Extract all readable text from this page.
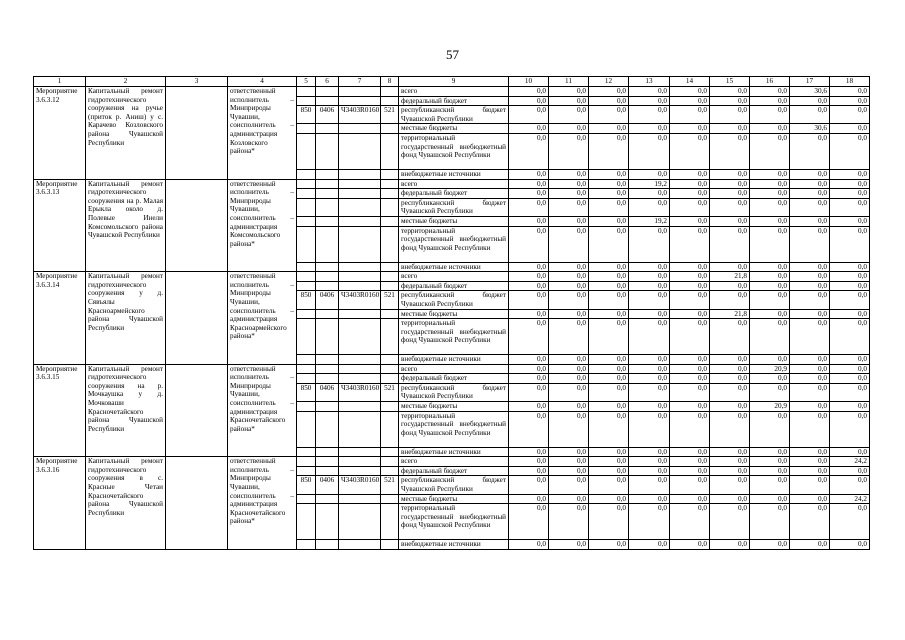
57
1	2	3	4	5	6	7	8	9	10	11	12	13	14	15	16	17	18
Мероприятие 3.6.3.12	Капитальный ремонт гидротехнического сооружения на ручье (приток р. Аниш) у с. Карачево Козловского района Чувашской Республики		ответственный исполнитель – Минприроды Чувашии, соисполнитель – администрация Козловского района*					всего	0,0	0,0	0,0	0,0	0,0	0,0	0,0	30,6	0,0
								федеральный бюджет	0,0	0,0	0,0	0,0	0,0	0,0	0,0	0,0	0,0
				850	0406	Ч3403R0160	521	республиканский бюджет Чувашской Республики	0,0	0,0	0,0	0,0	0,0	0,0	0,0	0,0	0,0
								местные бюджеты	0,0	0,0	0,0	0,0	0,0	0,0	0,0	30,6	0,0
								территориальный государственный внебюджетный фонд Чувашской Республики	0,0	0,0	0,0	0,0	0,0	0,0	0,0	0,0	0,0
								внебюджетные источники	0,0	0,0	0,0	0,0	0,0	0,0	0,0	0,0	0,0
Мероприятие 3.6.3.13	Капитальный ремонт гидротехнического сооружения на р. Малая Ерыкла около д. Полевые Инели Комсомольского района Чувашской Республики		ответственный исполнитель – Минприроды Чувашии, соисполнитель – администрация Комсомольского района*					всего	0,0	0,0	0,0	19,2	0,0	0,0	0,0	0,0	0,0
								федеральный бюджет	0,0	0,0	0,0	0,0	0,0	0,0	0,0	0,0	0,0
								республиканский бюджет Чувашской Республики	0,0	0,0	0,0	0,0	0,0	0,0	0,0	0,0	0,0
								местные бюджеты	0,0	0,0	0,0	19,2	0,0	0,0	0,0	0,0	0,0
								территориальный государственный внебюджетный фонд Чувашской Республики	0,0	0,0	0,0	0,0	0,0	0,0	0,0	0,0	0,0
								внебюджетные источники	0,0	0,0	0,0	0,0	0,0	0,0	0,0	0,0	0,0
Мероприятие 3.6.3.14	Капитальный ремонт гидротехнического сооружения у д. Сявъялы Красноармейского района Чувашской Республики		ответственный исполнитель – Минприроды Чувашии, соисполнитель – администрация Красноармейского района*					всего	0,0	0,0	0,0	0,0	0,0	21,8	0,0	0,0	0,0
								федеральный бюджет	0,0	0,0	0,0	0,0	0,0	0,0	0,0	0,0	0,0
				850	0406	Ч3403R0160	521	республиканский бюджет Чувашской Республики	0,0	0,0	0,0	0,0	0,0	0,0	0,0	0,0	0,0
								местные бюджеты	0,0	0,0	0,0	0,0	0,0	21,8	0,0	0,0	0,0
								территориальный государственный внебюджетный фонд Чувашской Республики	0,0	0,0	0,0	0,0	0,0	0,0	0,0	0,0	0,0
								внебюджетные источники	0,0	0,0	0,0	0,0	0,0	0,0	0,0	0,0	0,0
Мероприятие 3.6.3.15	Капитальный ремонт гидротехнического сооружения на р. Мочкаушка у д. Мочковаши Красночетайского района Чувашской Республики		ответственный исполнитель – Минприроды Чувашии, соисполнитель – администрация Красночетайского района*					всего	0,0	0,0	0,0	0,0	0,0	0,0	20,9	0,0	0,0
								федеральный бюджет	0,0	0,0	0,0	0,0	0,0	0,0	0,0	0,0	0,0
				850	0406	Ч3403R0160	521	республиканский бюджет Чувашской Республики	0,0	0,0	0,0	0,0	0,0	0,0	0,0	0,0	0,0
								местные бюджеты	0,0	0,0	0,0	0,0	0,0	0,0	20,9	0,0	0,0
								территориальный государственный внебюджетный фонд Чувашской Республики	0,0	0,0	0,0	0,0	0,0	0,0	0,0	0,0	0,0
								внебюджетные источники	0,0	0,0	0,0	0,0	0,0	0,0	0,0	0,0	0,0
Мероприятие 3.6.3.16	Капитальный ремонт гидротехнического сооружения в с. Красные Четаи Красночетайского района Чувашской Республики		ответственный исполнитель – Минприроды Чувашии, соисполнитель – администрация Красночетайского района*					всего	0,0	0,0	0,0	0,0	0,0	0,0	0,0	0,0	24,2
								федеральный бюджет	0,0	0,0	0,0	0,0	0,0	0,0	0,0	0,0	0,0
				850	0406	Ч3403R0160	521	республиканский бюджет Чувашской Республики	0,0	0,0	0,0	0,0	0,0	0,0	0,0	0,0	0,0
								местные бюджеты	0,0	0,0	0,0	0,0	0,0	0,0	0,0	0,0	24,2
								территориальный государственный внебюджетный фонд Чувашской Республики	0,0	0,0	0,0	0,0	0,0	0,0	0,0	0,0	0,0
								внебюджетные источники	0,0	0,0	0,0	0,0	0,0	0,0	0,0	0,0	0,0
